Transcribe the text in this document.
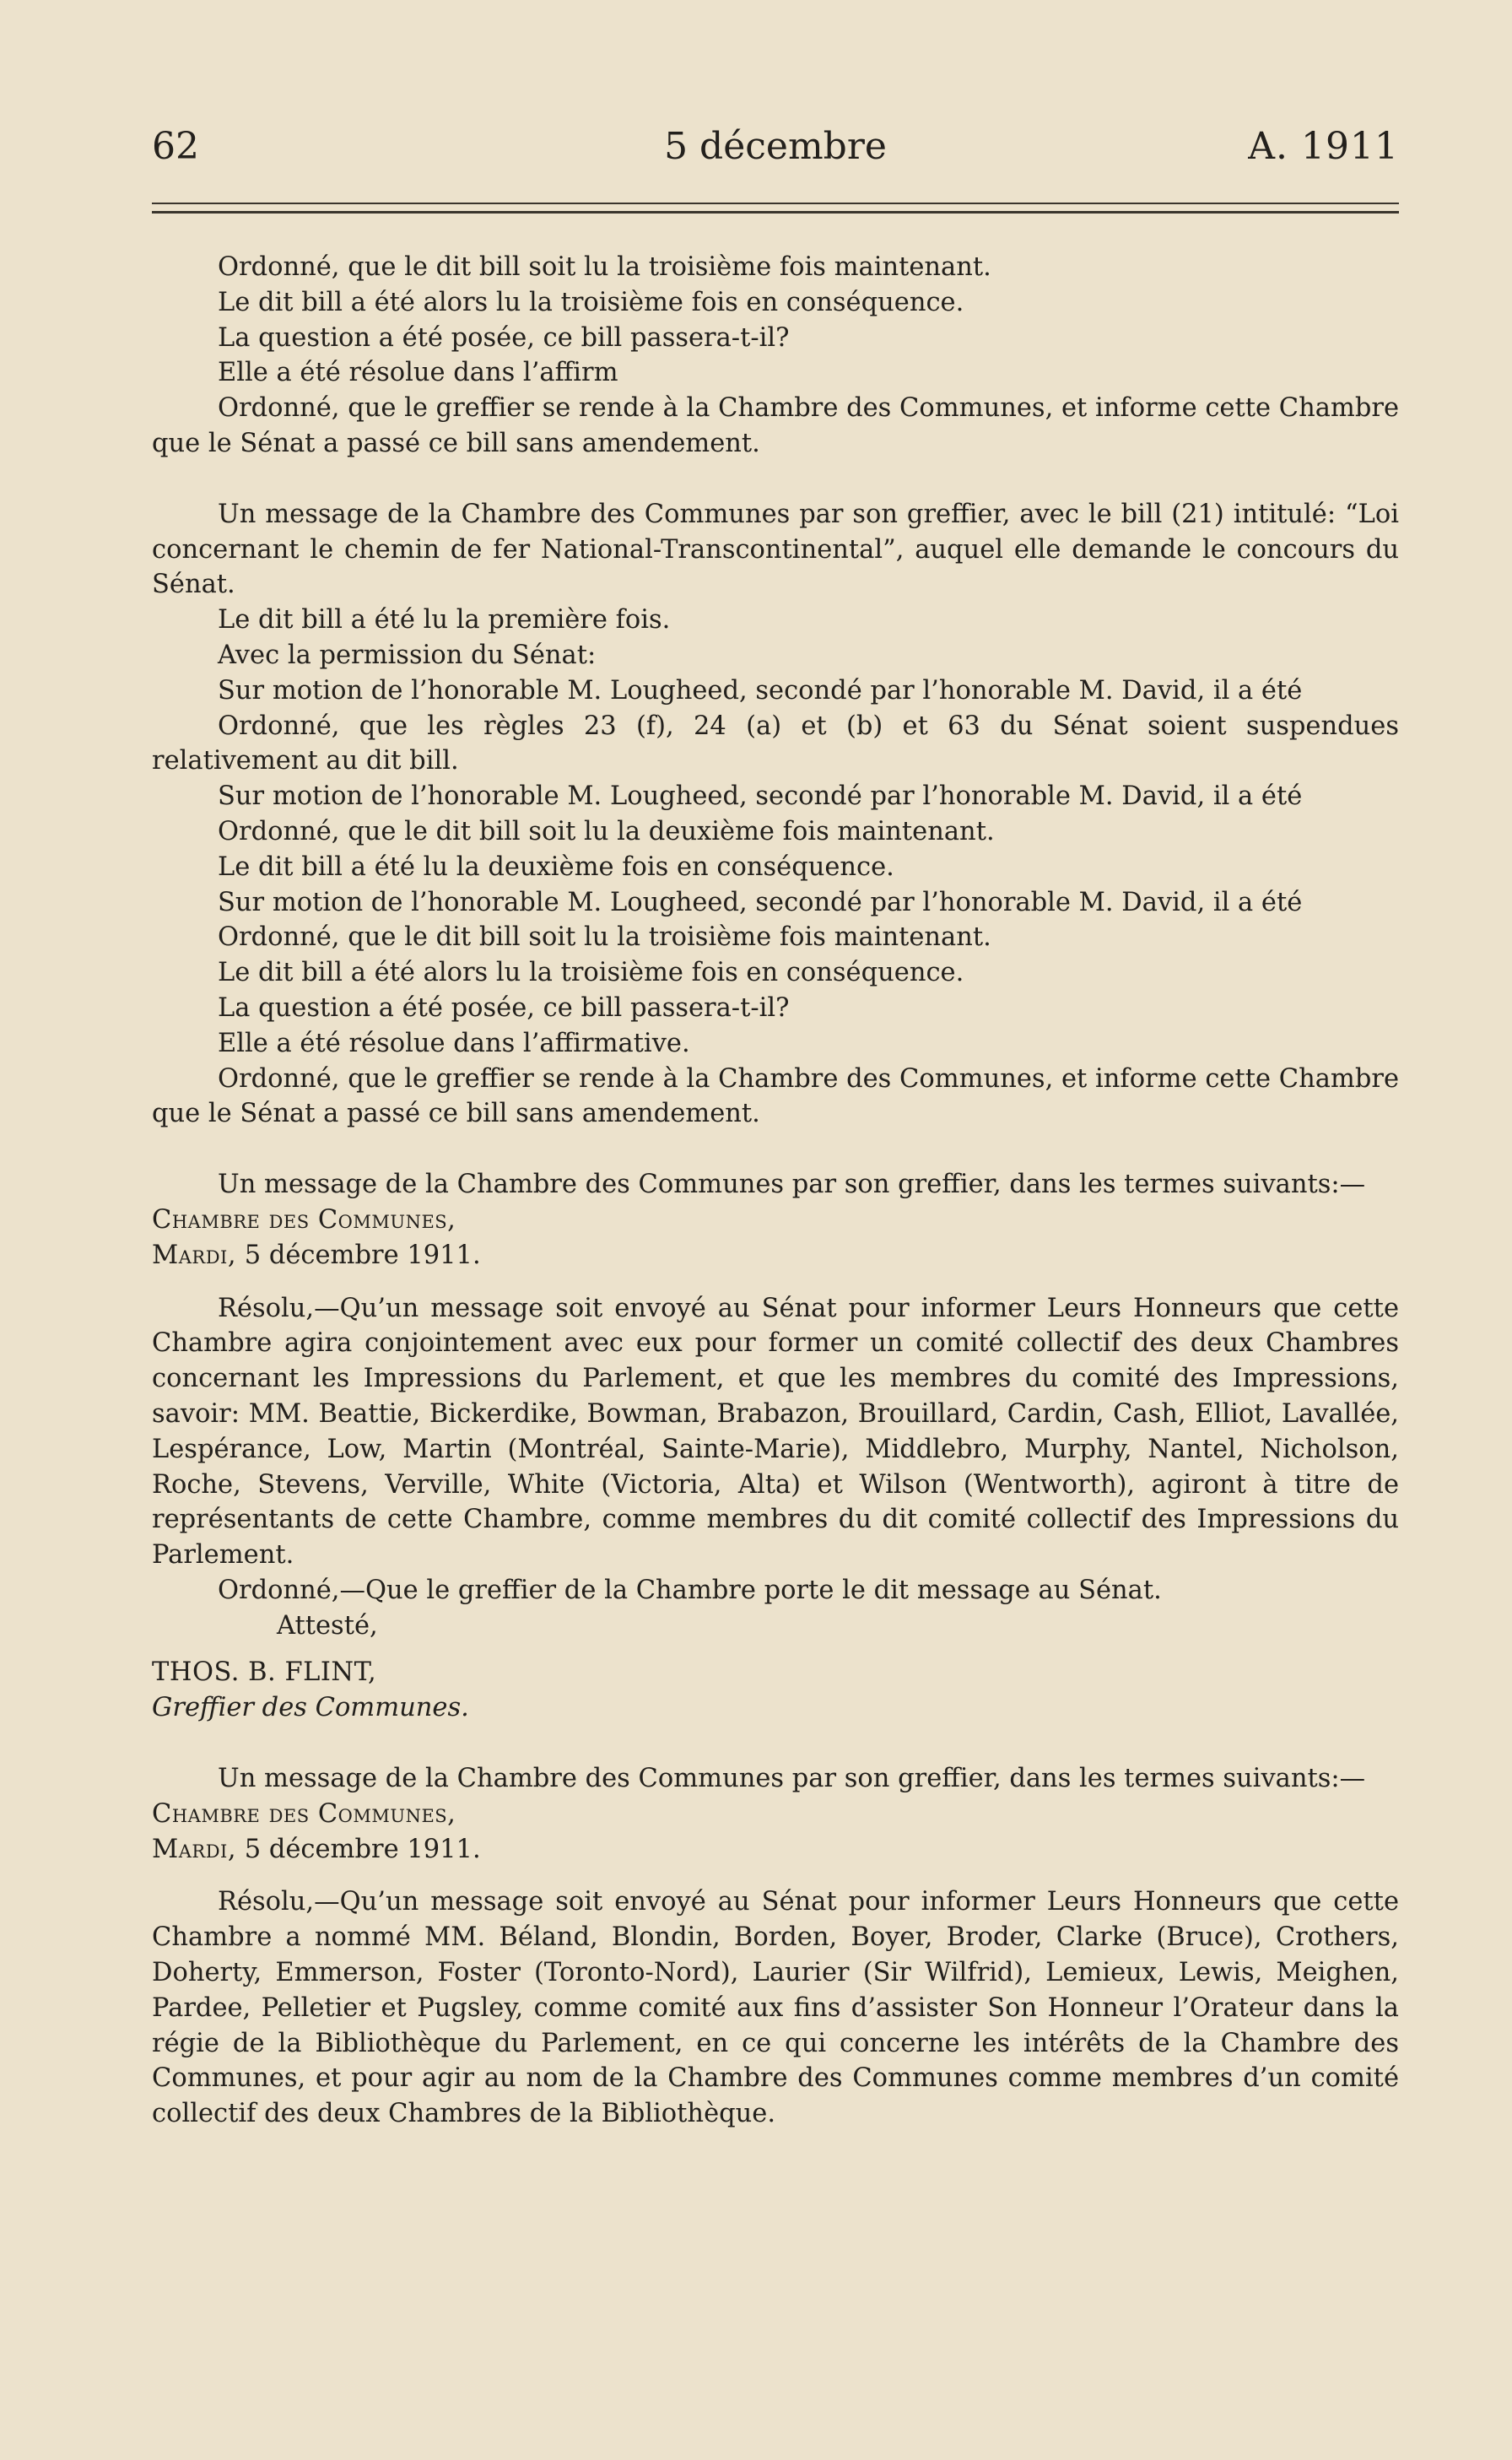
62	5 décembre	A. 1911

Ordonné, que le dit bill soit lu la troisième fois maintenant.

Le dit bill a été alors lu la troisième fois en conséquence.

La question a été posée, ce bill passera-t-il?

Elle a été résolue dans l’affirm

Ordonné, que le greffier se rende à la Chambre des Communes, et informe cette Chambre que le Sénat a passé ce bill sans amendement.

Un message de la Chambre des Communes par son greffier, avec le bill (21) intitulé: “Loi concernant le chemin de fer National-Transcontinental”, auquel elle demande le concours du Sénat.

Le dit bill a été lu la première fois.

Avec la permission du Sénat:

Sur motion de l’honorable M. Lougheed, secondé par l’honorable M. David, il a été

Ordonné, que les règles 23 (f), 24 (a) et (b) et 63 du Sénat soient suspendues relativement au dit bill.

Sur motion de l’honorable M. Lougheed, secondé par l’honorable M. David, il a été

Ordonné, que le dit bill soit lu la deuxième fois maintenant.

Le dit bill a été lu la deuxième fois en conséquence.

Sur motion de l’honorable M. Lougheed, secondé par l’honorable M. David, il a été

Ordonné, que le dit bill soit lu la troisième fois maintenant.

Le dit bill a été alors lu la troisième fois en conséquence.

La question a été posée, ce bill passera-t-il?

Elle a été résolue dans l’affirmative.

Ordonné, que le greffier se rende à la Chambre des Communes, et informe cette Chambre que le Sénat a passé ce bill sans amendement.

Un message de la Chambre des Communes par son greffier, dans les termes suivants:—

Chambre des Communes,

Mardi, 5 décembre 1911.

Résolu,—Qu’un message soit envoyé au Sénat pour informer Leurs Honneurs que cette Chambre agira conjointement avec eux pour former un comité collectif des deux Chambres concernant les Impressions du Parlement, et que les membres du comité des Impressions, savoir: MM. Beattie, Bickerdike, Bowman, Brabazon, Brouillard, Cardin, Cash, Elliot, Lavallée, Lespérance, Low, Martin (Montréal, Sainte-Marie), Middlebro, Murphy, Nantel, Nicholson, Roche, Stevens, Verville, White (Victoria, Alta) et Wilson (Wentworth), agiront à titre de représentants de cette Chambre, comme membres du dit comité collectif des Impressions du Parlement.

Ordonné,—Que le greffier de la Chambre porte le dit message au Sénat.

Attesté,

THOS. B. FLINT,

Greffier des Communes.

Un message de la Chambre des Communes par son greffier, dans les termes suivants:—

Chambre des Communes,

Mardi, 5 décembre 1911.

Résolu,—Qu’un message soit envoyé au Sénat pour informer Leurs Honneurs que cette Chambre a nommé MM. Béland, Blondin, Borden, Boyer, Broder, Clarke (Bruce), Crothers, Doherty, Emmerson, Foster (Toronto-Nord), Laurier (Sir Wilfrid), Lemieux, Lewis, Meighen, Pardee, Pelletier et Pugsley, comme comité aux fins d’assister Son Honneur l’Orateur dans la régie de la Bibliothèque du Parlement, en ce qui concerne les intérêts de la Chambre des Communes, et pour agir au nom de la Chambre des Communes comme membres d’un comité collectif des deux Chambres de la Bibliothèque.
